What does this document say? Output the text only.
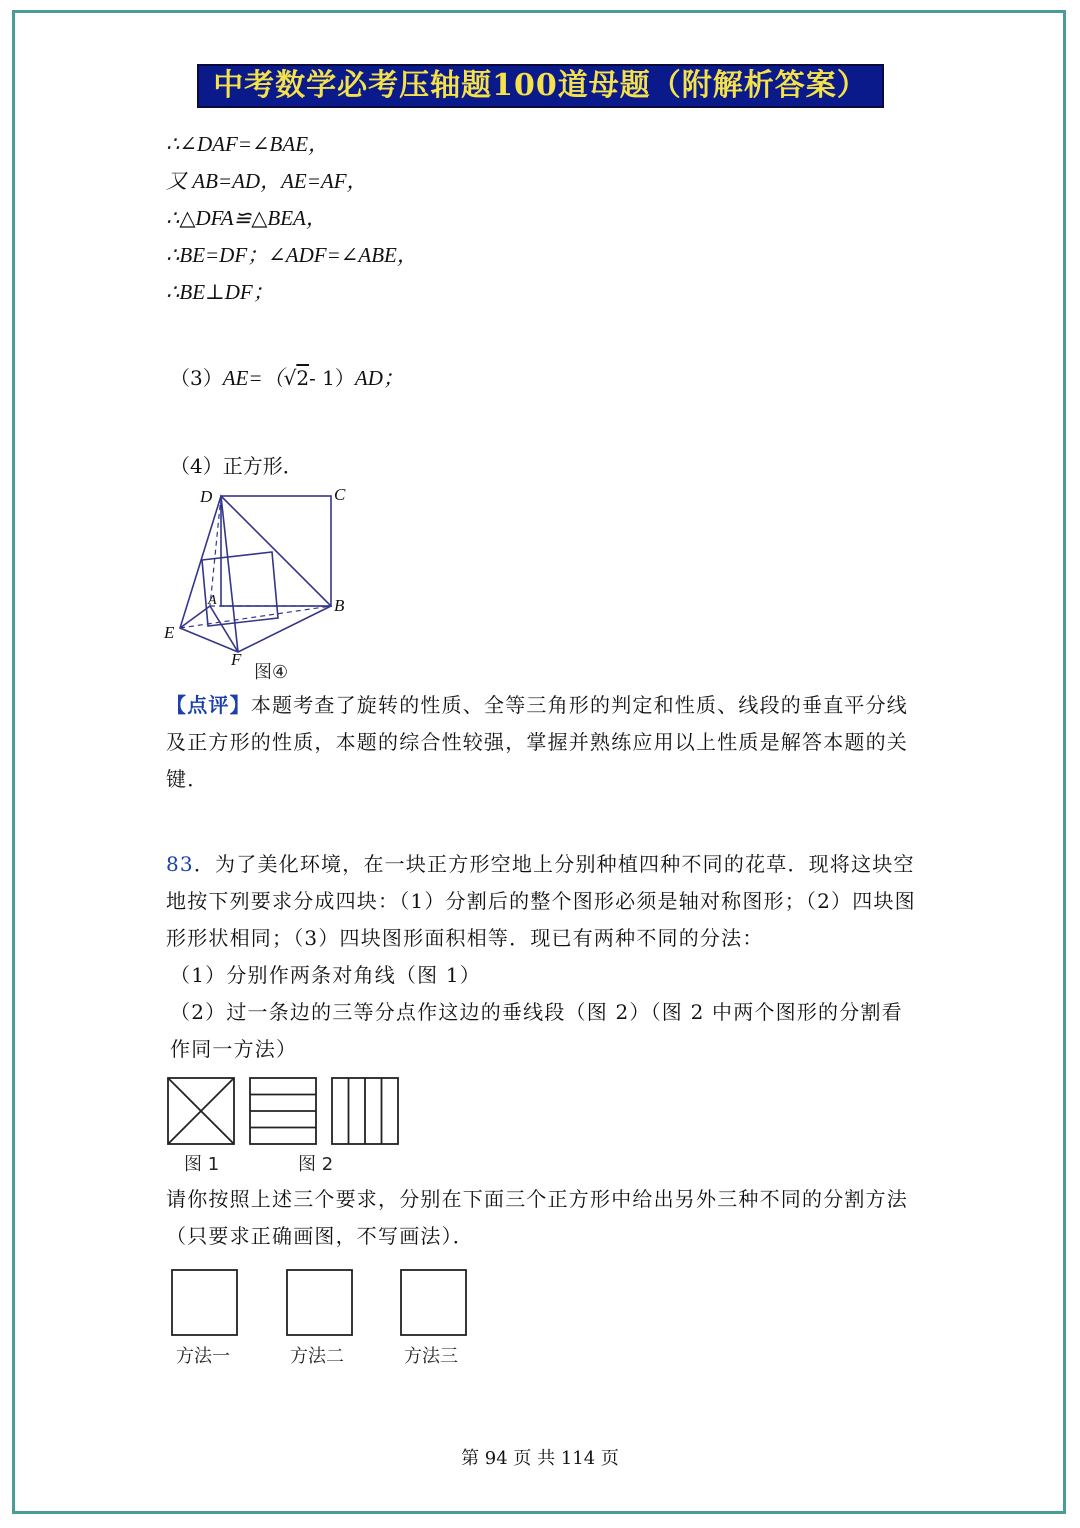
中考数学必考压轴题100道母题（附解析答案）
∴∠DAF=∠BAE，
又 AB=AD，AE=AF，
∴△DFA≌△BEA，
∴BE=DF；∠ADF=∠ABE，
∴BE⊥DF；
（3）AE=（√2- 1）AD；
（4）正方形．
D	C
A	B
E
F
图④
【点评】本题考查了旋转的性质、全等三角形的判定和性质、线段的垂直平分线及正方形的性质，本题的综合性较强，掌握并熟练应用以上性质是解答本题的关键．
83．为了美化环境，在一块正方形空地上分别种植四种不同的花草．现将这块空地按下列要求分成四块：（1）分割后的整个图形必须是轴对称图形；（2）四块图形形状相同；（3）四块图形面积相等．现已有两种不同的分法：
（1）分别作两条对角线（图 1）
（2）过一条边的三等分点作这边的垂线段（图 2）（图 2 中两个图形的分割看作同一方法）
图 1	图 2
请你按照上述三个要求，分别在下面三个正方形中给出另外三种不同的分割方法（只要求正确画图，不写画法）．
方法一	方法二	方法三
第 94 页 共 114 页
